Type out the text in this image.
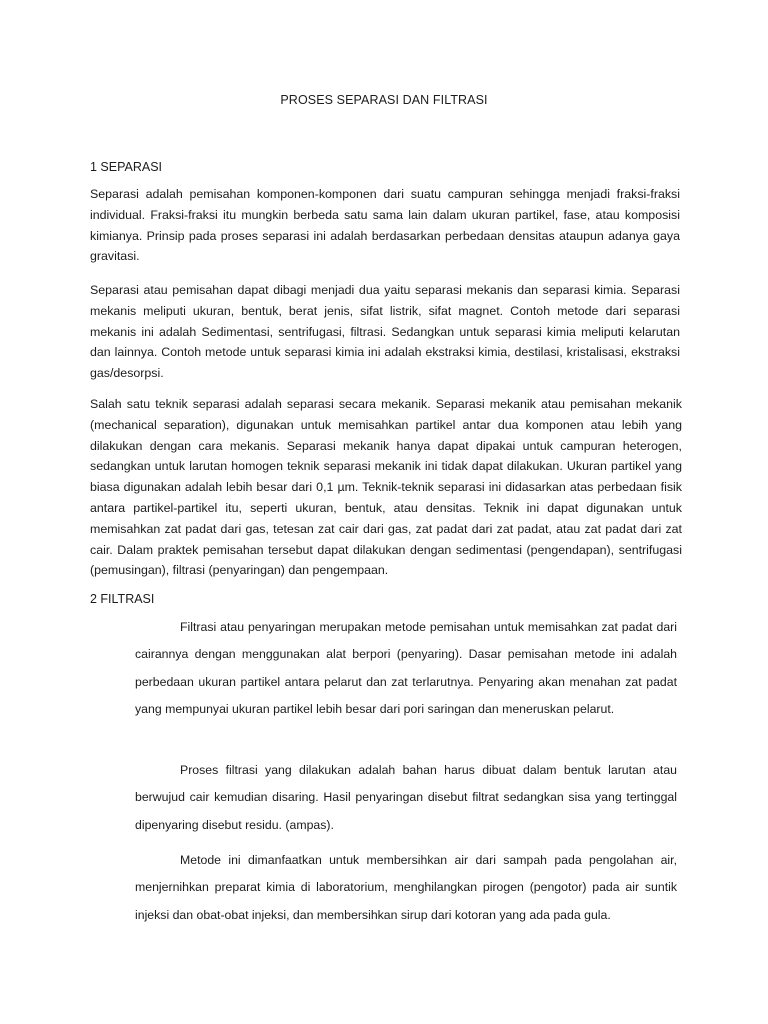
PROSES SEPARASI DAN FILTRASI
1 SEPARASI

Separasi adalah pemisahan komponen-komponen dari suatu campuran sehingga menjadi fraksi-fraksi individual. Fraksi-fraksi itu mungkin berbeda satu sama lain dalam ukuran partikel, fase, atau komposisi kimianya. Prinsip pada proses separasi ini adalah berdasarkan perbedaan densitas ataupun adanya gaya gravitasi.

Separasi atau pemisahan dapat dibagi menjadi dua yaitu separasi mekanis dan separasi kimia. Separasi mekanis meliputi ukuran, bentuk, berat jenis, sifat listrik, sifat magnet. Contoh metode dari separasi mekanis ini adalah Sedimentasi, sentrifugasi, filtrasi. Sedangkan untuk separasi kimia meliputi kelarutan dan lainnya. Contoh metode untuk separasi kimia ini adalah ekstraksi kimia, destilasi, kristalisasi, ekstraksi gas/desorpsi.

Salah satu teknik separasi adalah separasi secara mekanik. Separasi mekanik atau pemisahan mekanik (mechanical separation), digunakan untuk memisahkan partikel antar dua komponen atau lebih yang dilakukan dengan cara mekanis. Separasi mekanik hanya dapat dipakai untuk campuran heterogen, sedangkan untuk larutan homogen teknik separasi mekanik ini tidak dapat dilakukan. Ukuran partikel yang biasa digunakan adalah lebih besar dari 0,1 µm. Teknik-teknik separasi ini didasarkan atas perbedaan fisik antara partikel-partikel itu, seperti ukuran, bentuk, atau densitas. Teknik ini dapat digunakan untuk memisahkan zat padat dari gas, tetesan zat cair dari gas, zat padat dari zat padat, atau zat padat dari zat cair. Dalam praktek pemisahan tersebut dapat dilakukan dengan sedimentasi (pengendapan), sentrifugasi (pemusingan), filtrasi (penyaringan) dan pengempaan.

2 FILTRASI

Filtrasi atau penyaringan merupakan metode pemisahan untuk memisahkan zat padat dari cairannya dengan menggunakan alat berpori (penyaring). Dasar pemisahan metode ini adalah perbedaan ukuran partikel antara pelarut dan zat terlarutnya. Penyaring akan menahan zat padat yang mempunyai ukuran partikel lebih besar dari pori saringan dan meneruskan pelarut.

Proses filtrasi yang dilakukan adalah bahan harus dibuat dalam bentuk larutan atau berwujud cair kemudian disaring. Hasil penyaringan disebut filtrat sedangkan sisa yang tertinggal dipenyaring disebut residu. (ampas).

Metode ini dimanfaatkan untuk membersihkan air dari sampah pada pengolahan air, menjernihkan preparat kimia di laboratorium, menghilangkan pirogen (pengotor) pada air suntik injeksi dan obat-obat injeksi, dan membersihkan sirup dari kotoran yang ada pada gula.
